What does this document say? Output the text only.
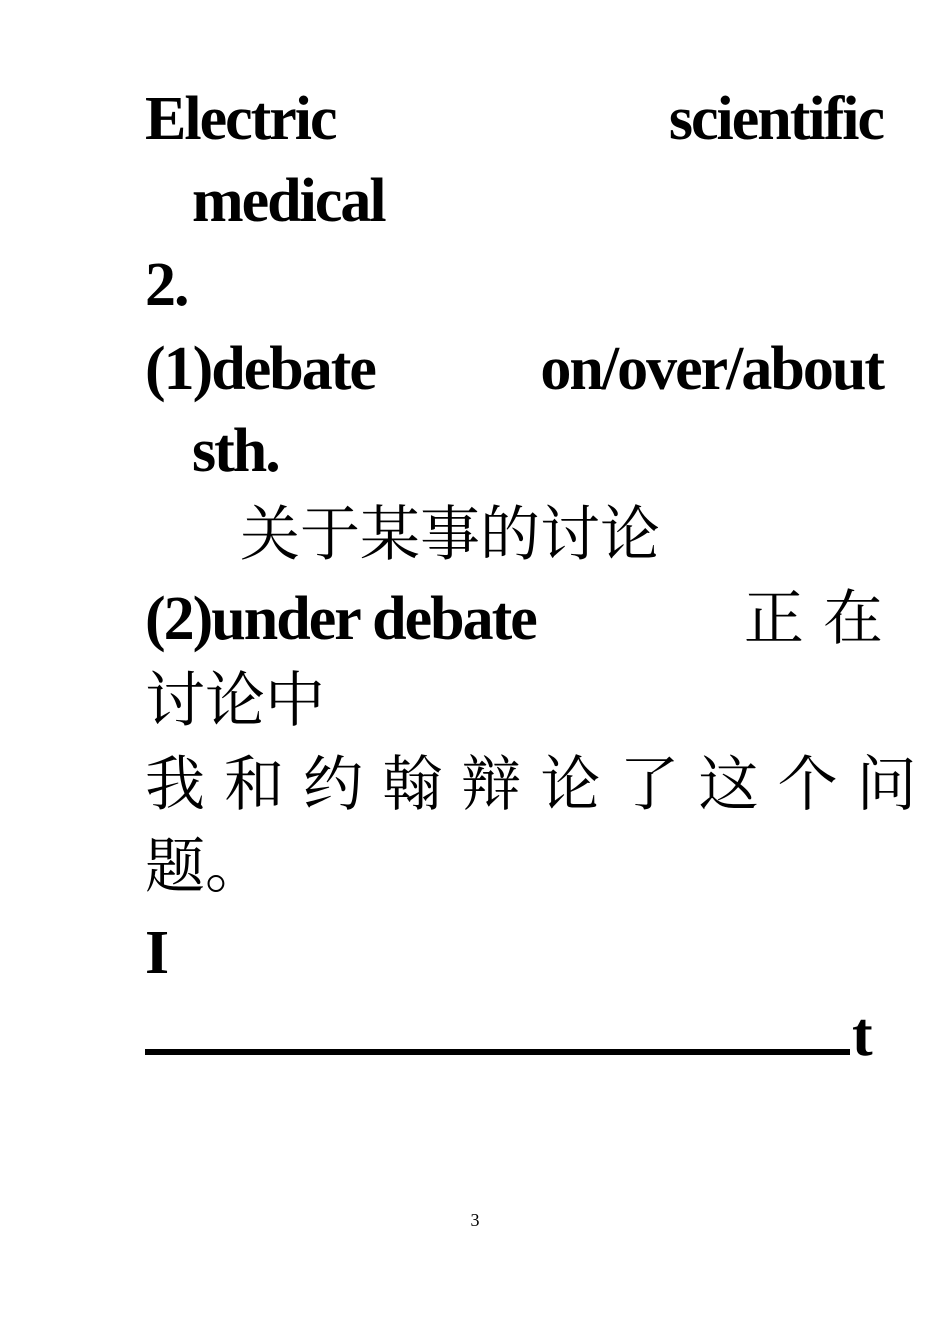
Electric	scientific
medical
2.
(1)debate	on/over/about
sth.
关于某事的讨论
(2)under debate	正 在
讨论中
我 和 约 翰 辩 论 了 这 个 问
题。
I
t
3
